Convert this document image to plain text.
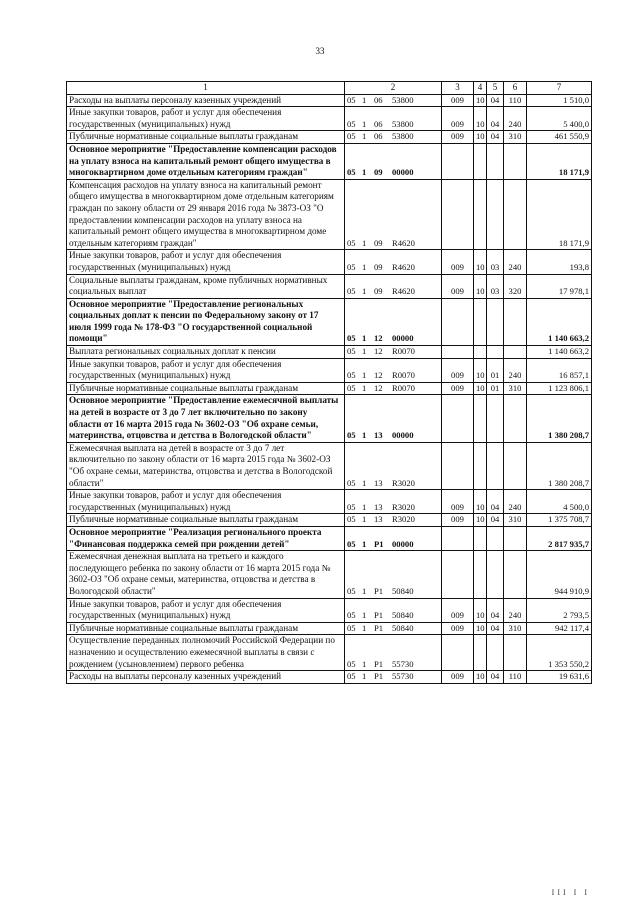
33
1	2	3	4	5	6	7
Расходы на выплаты персоналу казенных учреждений	05 1 06 53800	009	10	04	110	1 510,0
Иные закупки товаров, работ и услуг для обеспечения государственных (муниципальных) нужд	05 1 06 53800	009	10	04	240	5 400,0
Публичные нормативные социальные выплаты гражданам	05 1 06 53800	009	10	04	310	461 550,9
Основное мероприятие "Предоставление компенсации расходов на уплату взноса на капитальный ремонт общего имущества в многоквартирном доме отдельным категориям граждан"	05 1 09 00000					18 171,9
Компенсация расходов на уплату взноса на капитальный ремонт общего имущества в многоквартирном доме отдельным категориям граждан по закону области от 29 января 2016 года № 3873-ОЗ "О предоставлении компенсации расходов на уплату взноса на капитальный ремонт общего имущества в многоквартирном доме отдельным категориям граждан"	05 1 09 R4620					18 171,9
Иные закупки товаров, работ и услуг для обеспечения государственных (муниципальных) нужд	05 1 09 R4620	009	10	03	240	193,8
Социальные выплаты гражданам, кроме публичных нормативных социальных выплат	05 1 09 R4620	009	10	03	320	17 978,1
Основное мероприятие "Предоставление региональных социальных доплат к пенсии по Федеральному закону от 17 июля 1999 года № 178-ФЗ "О государственной социальной помощи"	05 1 12 00000					1 140 663,2
Выплата региональных социальных доплат к пенсии	05 1 12 R0070					1 140 663,2
Иные закупки товаров, работ и услуг для обеспечения государственных (муниципальных) нужд	05 1 12 R0070	009	10	01	240	16 857,1
Публичные нормативные социальные выплаты гражданам	05 1 12 R0070	009	10	01	310	1 123 806,1
Основное мероприятие "Предоставление ежемесячной выплаты на детей в возрасте от 3 до 7 лет включительно по закону области от 16 марта 2015 года № 3602-ОЗ "Об охране семьи, материнства, отцовства и детства в Вологодской области"	05 1 13 00000					1 380 208,7
Ежемесячная выплата на детей в возрасте от 3 до 7 лет включительно по закону области от 16 марта 2015 года № 3602-ОЗ "Об охране семьи, материнства, отцовства и детства в Вологодской области"	05 1 13 R3020					1 380 208,7
Иные закупки товаров, работ и услуг для обеспечения государственных (муниципальных) нужд	05 1 13 R3020	009	10	04	240	4 500,0
Публичные нормативные социальные выплаты гражданам	05 1 13 R3020	009	10	04	310	1 375 708,7
Основное мероприятие "Реализация регионального проекта "Финансовая поддержка семей при рождении детей"	05 1 P1 00000					2 817 935,7
Ежемесячная денежная выплата на третьего и каждого последующего ребенка по закону области от 16 марта 2015 года № 3602-ОЗ "Об охране семьи, материнства, отцовства и детства в Вологодской области"	05 1 P1 50840					944 910,9
Иные закупки товаров, работ и услуг для обеспечения государственных (муниципальных) нужд	05 1 P1 50840	009	10	04	240	2 793,5
Публичные нормативные социальные выплаты гражданам	05 1 P1 50840	009	10	04	310	942 117,4
Осуществление переданных полномочий Российской Федерации по назначению и осуществлению ежемесячной выплаты в связи с рождением (усыновлением) первого ребенка	05 1 P1 55730					1 353 550,2
Расходы на выплаты персоналу казенных учреждений	05 1 P1 55730	009	10	04	110	19 631,6
III I I
